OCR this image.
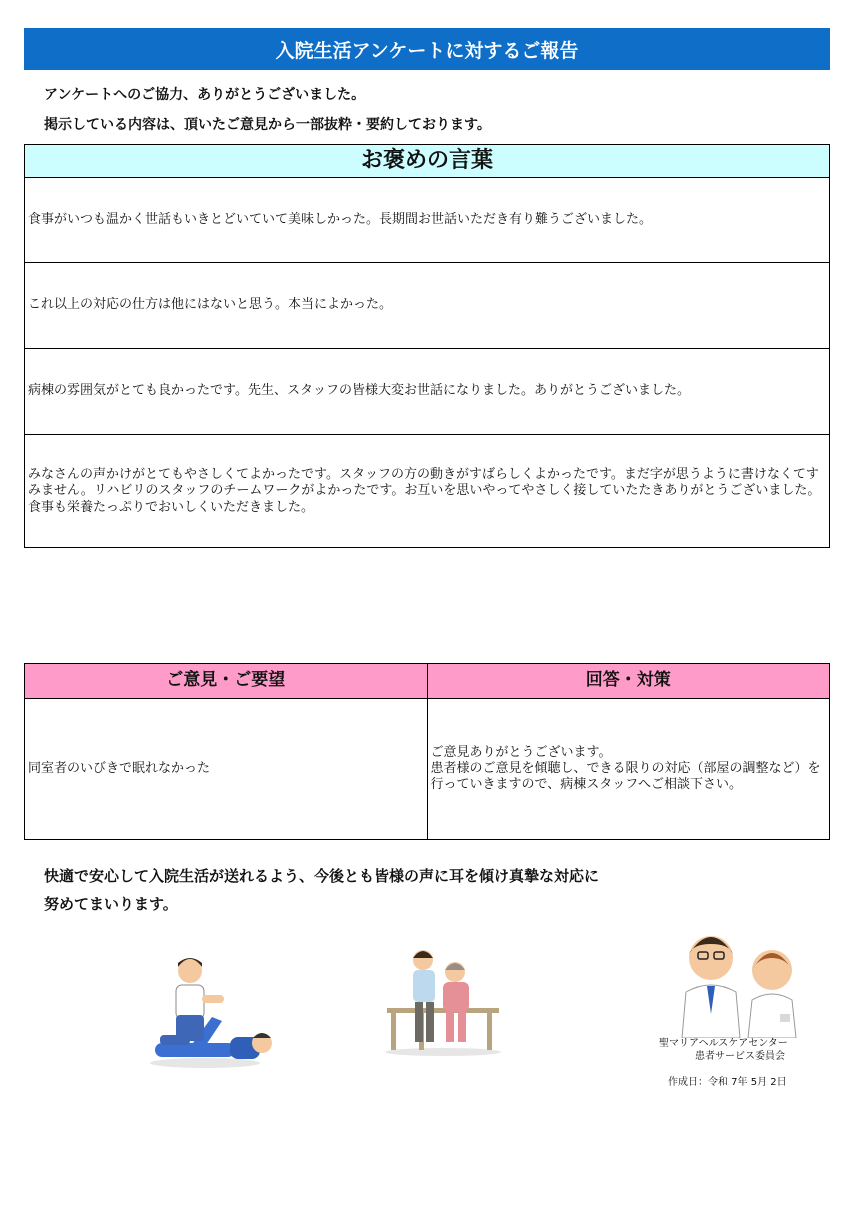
入院生活アンケートに対するご報告
アンケートへのご協力、ありがとうございました。
掲示している内容は、頂いたご意見から一部抜粋・要約しております。
お褒めの言葉
食事がいつも温かく世話もいきとどいていて美味しかった。長期間お世話いただき有り難うございました。
これ以上の対応の仕方は他にはないと思う。本当によかった。
病棟の雰囲気がとても良かったです。先生、スタッフの皆様大変お世話になりました。ありがとうございました。
みなさんの声かけがとてもやさしくてよかったです。スタッフの方の動きがすばらしくよかったです。まだ字が思うように書けなくてすみません。リハビリのスタッフのチームワークがよかったです。お互いを思いやってやさしく接していたたきありがとうございました。食事も栄養たっぷりでおいしくいただきました。
ご意見・ご要望	回答・対策
同室者のいびきで眠れなかった	ご意見ありがとうございます。
患者様のご意見を傾聴し、できる限りの対応（部屋の調整など）を行っていきますので、病棟スタッフへご相談下さい。
快適で安心して入院生活が送れるよう、今後とも皆様の声に耳を傾け真摯な対応に
努めてまいります。
聖マリアヘルスケアセンター
患者サービス委員会
作成日：令和 7年 5月 2日
